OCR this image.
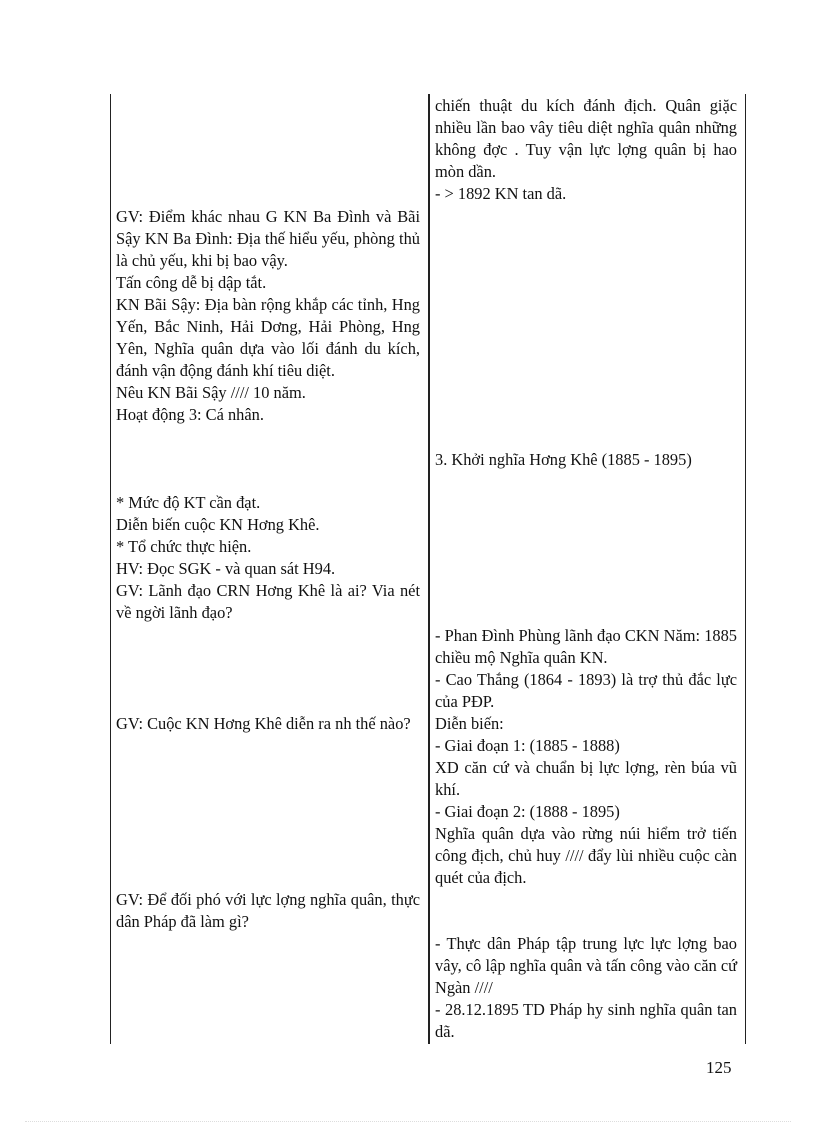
chiến thuật du kích đánh địch. Quân giặc nhiều lần bao vây tiêu diệt nghĩa quân những không đợc . Tuy vận lực lợng quân bị hao mòn dần.
- > 1892 KN tan dã.
3. Khởi nghĩa Hơng Khê (1885 - 1895)
- Phan Đình Phùng lãnh đạo CKN Năm: 1885 chiều mộ Nghĩa quân KN.
- Cao Thắng (1864 - 1893) là trợ thủ đắc lực của PĐP.
Diễn biến:
- Giai đoạn 1: (1885 - 1888)
XD căn cứ và chuẩn bị lực lợng, rèn búa vũ khí.
- Giai đoạn 2: (1888 - 1895)
Nghĩa quân dựa vào rừng núi hiểm trở tiến công địch, chủ huy //// đẩy lùi nhiều cuộc càn quét của địch.
- Thực dân Pháp tập trung lực lực lợng bao vây, cô lập nghĩa quân và tấn công vào căn cứ Ngàn ////
- 28.12.1895 TD Pháp hy sinh nghĩa quân tan dã.
GV: Điểm khác nhau G KN Ba Đình và Bãi Sậy KN Ba Đình: Địa thế hiểu yếu, phòng thủ là chủ yếu, khi bị bao vậy.
Tấn công dễ bị dập tắt.
KN Bãi Sậy: Địa bàn rộng khắp các tỉnh, Hng Yến, Bắc Ninh, Hải Dơng, Hải Phòng, Hng Yên, Nghĩa quân dựa vào lối đánh du kích, đánh vận động đánh khí tiêu diệt.
Nêu KN Bãi Sậy //// 10 năm.
Hoạt động 3: Cá nhân.
* Mức độ KT cần đạt.
Diễn biến cuộc KN Hơng Khê.
* Tổ chức thực hiện.
HV: Đọc SGK - và quan sát H94.
GV: Lãnh đạo CRN Hơng Khê là ai? Via nét về ngời lãnh đạo?
GV: Cuộc KN Hơng Khê diễn ra nh thế nào?
GV: Để đối phó với lực lợng nghĩa quân, thực dân Pháp đã làm gì?
125
